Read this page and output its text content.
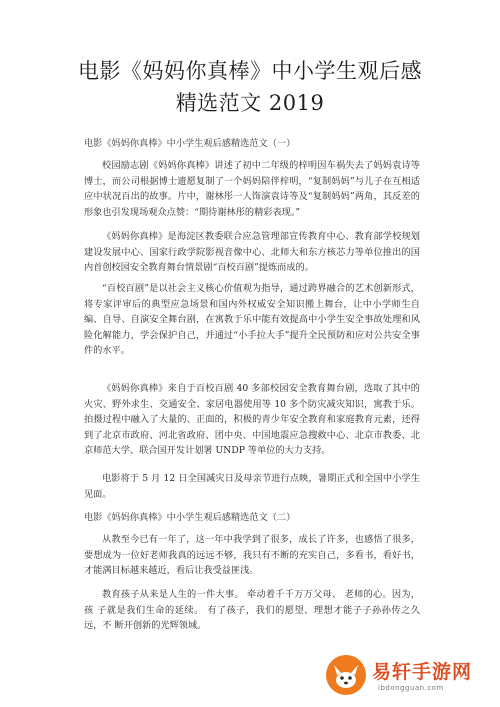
电影《妈妈你真棒》中小学生观后感
精选范文 2019
电影《妈妈你真棒》中小学生观后感精选范文（一）
校园励志剧《妈妈你真棒》讲述了初中二年级的梓明因车祸失去了妈妈袁诗等博士，而公司根据博士遗愿复制了一个妈妈陪伴梓明，“复制妈妈”与儿子在互相适应中状况百出的故事。片中，谢林彤一人饰演袁诗等及“复制妈妈”两角，其反差的形象也引发现场观众点赞：“期待谢林彤的精彩表现。”
《妈妈你真棒》是海淀区教委联合应急管理部宣传教育中心、教育部学校规划建设发展中心、国家行政学院影视音像中心、北师大和东方核芯力等单位推出的国内首创校园安全教育舞台情景剧“百校百剧”提炼而成的。
“百校百剧”是以社会主义核心价值观为指导，通过跨界融合的艺术创新形式，将专家评审后的典型应急场景和国内外权威安全知识搬上舞台，让中小学师生自编、自导、自演安全舞台剧，在寓教于乐中能有效提高中小学生安全事故处理和风险化解能力，学会保护自己，并通过“小手拉大手”提升全民预防和应对公共安全事件的水平。
《妈妈你真棒》来自于百校百剧 40 多部校园安全教育舞台剧，选取了其中的火灾、野外求生、交通安全、家居电器使用等 10 多个防灾减灾知识，寓教于乐。拍摄过程中融入了大量的、正面的，积极的青少年安全教育和家庭教育元素，还得到了北京市政府、河北省政府、团中央、中国地震应急搜救中心、北京市教委、北京师范大学、联合国开发计划署 UNDP 等单位的大力支持。
电影将于 5 月 12 日全国减灾日及母亲节进行点映，暑期正式和全国中小学生见面。
电影《妈妈你真棒》中小学生观后感精选范文（二）
从教至今已有一年了，这一年中我学到了很多，成长了许多，也感悟了很多，要想成为一位好老师我真的远远不够，我只有不断的充实自己，多看书，看好书，才能满目标越来越近，看后让我受益匪浅。
教育孩子从来是人生的一件大事。 牵动着千千万万父母、 老师的心。因为，孩 子就是我们生命的延续。 有了孩子，我们的愿望、理想才能子子孙孙传之久远，不 断开创新的光辉领域。
易轩手游网
ibdongguan.com
